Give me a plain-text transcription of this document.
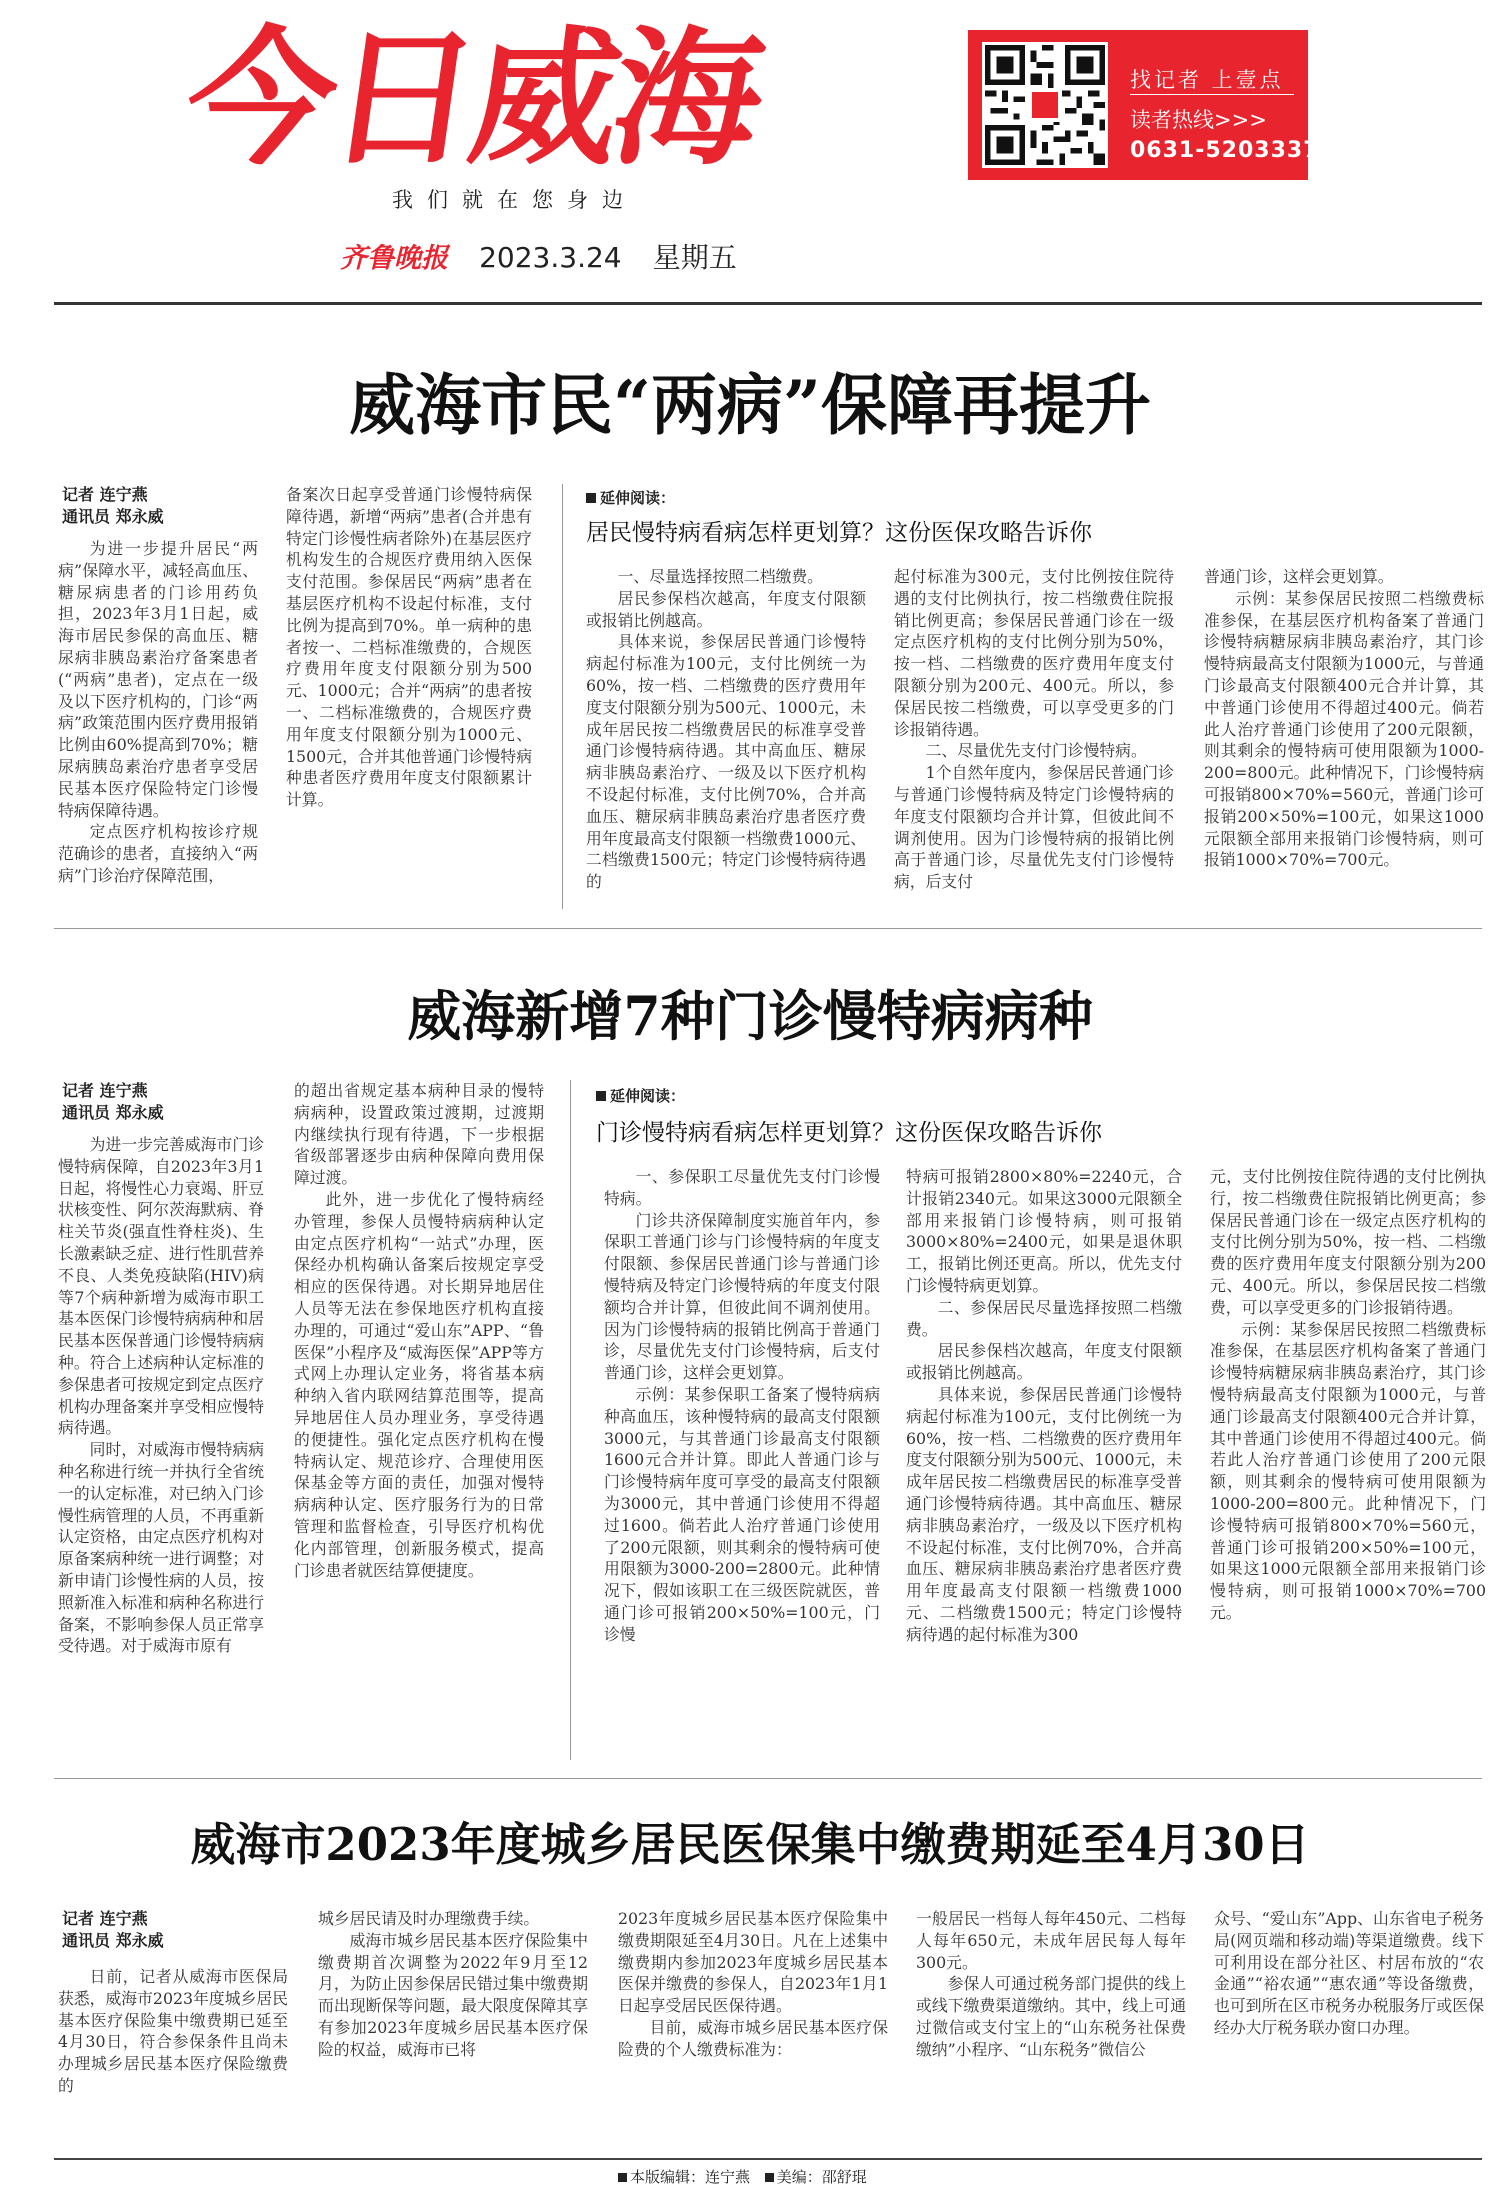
今日威海
我们就在您身边
找记者 上壹点
读者热线>>>
0631-5203337
齐鲁晚报 2023.3.24 星期五
威海市民“两病”保障再提升
记者 连宁燕
通讯员 郑永威

为进一步提升居民“两病”保障水平，减轻高血压、糖尿病患者的门诊用药负担，2023年3月1日起，威海市居民参保的高血压、糖尿病非胰岛素治疗备案患者(“两病”患者)，定点在一级及以下医疗机构的，门诊“两病”政策范围内医疗费用报销比例由60%提高到70%；糖尿病胰岛素治疗患者享受居民基本医疗保险特定门诊慢特病保障待遇。

定点医疗机构按诊疗规范确诊的患者，直接纳入“两病”门诊治疗保障范围，

备案次日起享受普通门诊慢特病保障待遇，新增“两病”患者(合并患有特定门诊慢性病者除外)在基层医疗机构发生的合规医疗费用纳入医保支付范围。参保居民“两病”患者在基层医疗机构不设起付标准，支付比例为提高到70%。单一病种的患者按一、二档标准缴费的，合规医疗费用年度支付限额分别为500元、1000元；合并“两病”的患者按一、二档标准缴费的，合规医疗费用年度支付限额分别为1000元、1500元，合并其他普通门诊慢特病种患者医疗费用年度支付限额累计计算。

延伸阅读：
居民慢特病看病怎样更划算？这份医保攻略告诉你

一、尽量选择按照二档缴费。

居民参保档次越高，年度支付限额或报销比例越高。

具体来说，参保居民普通门诊慢特病起付标准为100元，支付比例统一为60%，按一档、二档缴费的医疗费用年度支付限额分别为500元、1000元，未成年居民按二档缴费居民的标准享受普通门诊慢特病待遇。其中高血压、糖尿病非胰岛素治疗、一级及以下医疗机构不设起付标准，支付比例70%，合并高血压、糖尿病非胰岛素治疗患者医疗费用年度最高支付限额一档缴费1000元、二档缴费1500元；特定门诊慢特病待遇的

起付标准为300元，支付比例按住院待遇的支付比例执行，按二档缴费住院报销比例更高；参保居民普通门诊在一级定点医疗机构的支付比例分别为50%，按一档、二档缴费的医疗费用年度支付限额分别为200元、400元。所以，参保居民按二档缴费，可以享受更多的门诊报销待遇。

二、尽量优先支付门诊慢特病。

1个自然年度内，参保居民普通门诊与普通门诊慢特病及特定门诊慢特病的年度支付限额均合并计算，但彼此间不调剂使用。因为门诊慢特病的报销比例高于普通门诊，尽量优先支付门诊慢特病，后支付

普通门诊，这样会更划算。

示例：某参保居民按照二档缴费标准参保，在基层医疗机构备案了普通门诊慢特病糖尿病非胰岛素治疗，其门诊慢特病最高支付限额为1000元，与普通门诊最高支付限额400元合并计算，其中普通门诊使用不得超过400元。倘若此人治疗普通门诊使用了200元限额，则其剩余的慢特病可使用限额为1000-200=800元。此种情况下，门诊慢特病可报销800×70%=560元，普通门诊可报销200×50%=100元，如果这1000元限额全部用来报销门诊慢特病，则可报销1000×70%=700元。

威海新增7种门诊慢特病病种
记者 连宁燕
通讯员 郑永威

为进一步完善威海市门诊慢特病保障，自2023年3月1日起，将慢性心力衰竭、肝豆状核变性、阿尔茨海默病、脊柱关节炎(强直性脊柱炎)、生长激素缺乏症、进行性肌营养不良、人类免疫缺陷(HIV)病等7个病种新增为威海市职工基本医保门诊慢特病病种和居民基本医保普通门诊慢特病病种。符合上述病种认定标准的参保患者可按规定到定点医疗机构办理备案并享受相应慢特病待遇。

同时，对威海市慢特病病种名称进行统一并执行全省统一的认定标准，对已纳入门诊慢性病管理的人员，不再重新认定资格，由定点医疗机构对原备案病种统一进行调整；对新申请门诊慢性病的人员，按照新准入标准和病种名称进行备案，不影响参保人员正常享受待遇。对于威海市原有

的超出省规定基本病种目录的慢特病病种，设置政策过渡期，过渡期内继续执行现有待遇，下一步根据省级部署逐步由病种保障向费用保障过渡。

此外，进一步优化了慢特病经办管理，参保人员慢特病病种认定由定点医疗机构“一站式”办理，医保经办机构确认备案后按规定享受相应的医保待遇。对长期异地居住人员等无法在参保地医疗机构直接办理的，可通过“爱山东”APP、“鲁医保”小程序及“威海医保”APP等方式网上办理认定业务，将省基本病种纳入省内联网结算范围等，提高异地居住人员办理业务，享受待遇的便捷性。强化定点医疗机构在慢特病认定、规范诊疗、合理使用医保基金等方面的责任，加强对慢特病病种认定、医疗服务行为的日常管理和监督检查，引导医疗机构优化内部管理，创新服务模式，提高门诊患者就医结算便捷度。

延伸阅读：
门诊慢特病看病怎样更划算？这份医保攻略告诉你

一、参保职工尽量优先支付门诊慢特病。

门诊共济保障制度实施首年内，参保职工普通门诊与门诊慢特病的年度支付限额、参保居民普通门诊与普通门诊慢特病及特定门诊慢特病的年度支付限额均合并计算，但彼此间不调剂使用。因为门诊慢特病的报销比例高于普通门诊，尽量优先支付门诊慢特病，后支付普通门诊，这样会更划算。

示例：某参保职工备案了慢特病病种高血压，该种慢特病的最高支付限额3000元，与其普通门诊最高支付限额1600元合并计算。即此人普通门诊与门诊慢特病年度可享受的最高支付限额为3000元，其中普通门诊使用不得超过1600。倘若此人治疗普通门诊使用了200元限额，则其剩余的慢特病可使用限额为3000-200=2800元。此种情况下，假如该职工在三级医院就医，普通门诊可报销200×50%=100元，门诊慢

特病可报销2800×80%=2240元，合计报销2340元。如果这3000元限额全部用来报销门诊慢特病，则可报销3000×80%=2400元，如果是退休职工，报销比例还更高。所以，优先支付门诊慢特病更划算。

二、参保居民尽量选择按照二档缴费。

居民参保档次越高，年度支付限额或报销比例越高。

具体来说，参保居民普通门诊慢特病起付标准为100元，支付比例统一为60%，按一档、二档缴费的医疗费用年度支付限额分别为500元、1000元，未成年居民按二档缴费居民的标准享受普通门诊慢特病待遇。其中高血压、糖尿病非胰岛素治疗，一级及以下医疗机构不设起付标准，支付比例70%，合并高血压、糖尿病非胰岛素治疗患者医疗费用年度最高支付限额一档缴费1000元、二档缴费1500元；特定门诊慢特病待遇的起付标准为300

元，支付比例按住院待遇的支付比例执行，按二档缴费住院报销比例更高；参保居民普通门诊在一级定点医疗机构的支付比例分别为50%，按一档、二档缴费的医疗费用年度支付限额分别为200元、400元。所以，参保居民按二档缴费，可以享受更多的门诊报销待遇。

示例：某参保居民按照二档缴费标准参保，在基层医疗机构备案了普通门诊慢特病糖尿病非胰岛素治疗，其门诊慢特病最高支付限额为1000元，与普通门诊最高支付限额400元合并计算，其中普通门诊使用不得超过400元。倘若此人治疗普通门诊使用了200元限额，则其剩余的慢特病可使用限额为1000-200=800元。此种情况下，门诊慢特病可报销800×70%=560元，普通门诊可报销200×50%=100元，如果这1000元限额全部用来报销门诊慢特病，则可报销1000×70%=700元。

威海市2023年度城乡居民医保集中缴费期延至4月30日
记者 连宁燕
通讯员 郑永威

日前，记者从威海市医保局获悉，威海市2023年度城乡居民基本医疗保险集中缴费期已延至4月30日，符合参保条件且尚未办理城乡居民基本医疗保险缴费的

城乡居民请及时办理缴费手续。

威海市城乡居民基本医疗保险集中缴费期首次调整为2022年9月至12月，为防止因参保居民错过集中缴费期而出现断保等问题，最大限度保障其享有参加2023年度城乡居民基本医疗保险的权益，威海市已将

2023年度城乡居民基本医疗保险集中缴费期限延至4月30日。凡在上述集中缴费期内参加2023年度城乡居民基本医保并缴费的参保人，自2023年1月1日起享受居民医保待遇。

目前，威海市城乡居民基本医疗保险费的个人缴费标准为：

一般居民一档每人每年450元、二档每人每年650元，未成年居民每人每年300元。

参保人可通过税务部门提供的线上或线下缴费渠道缴纳。其中，线上可通过微信或支付宝上的“山东税务社保费缴纳”小程序、“山东税务”微信公

众号、“爱山东”App、山东省电子税务局(网页端和移动端)等渠道缴费。线下可利用设在部分社区、村居布放的“农金通”“裕农通”“惠农通”等设备缴费，也可到所在区市税务办税服务厅或医保经办大厅税务联办窗口办理。

本版编辑：连宁燕 美编：邵舒琨
